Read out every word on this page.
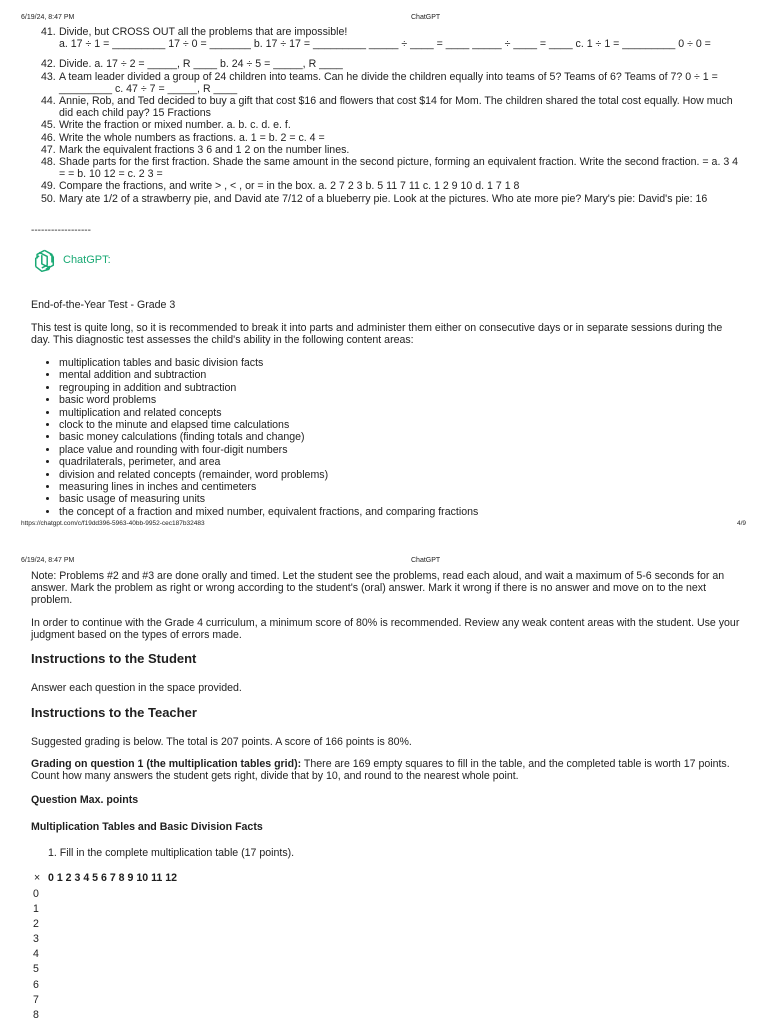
6/19/24, 8:47 PM	ChatGPT
41. Divide, but CROSS OUT all the problems that are impossible!
a. 17 ÷ 1 = _________ 17 ÷ 0 = _______ b. 17 ÷ 17 = _________ _____ ÷ ____ = ____ _____ ÷ ____ = ____ c. 1 ÷ 1 = _________ 0 ÷ 0 =
42. Divide. a. 17 ÷ 2 = _____, R ____ b. 24 ÷ 5 = _____, R ____
43. A team leader divided a group of 24 children into teams. Can he divide the children equally into teams of 5? Teams of 6? Teams of 7? 0 ÷ 1 = _________ c. 47 ÷ 7 = _____, R ____
44. Annie, Rob, and Ted decided to buy a gift that cost $16 and flowers that cost $14 for Mom. The children shared the total cost equally. How much did each child pay? 15 Fractions
45. Write the fraction or mixed number. a. b. c. d. e. f.
46. Write the whole numbers as fractions. a. 1 = b. 2 = c. 4 =
47. Mark the equivalent fractions 3 6 and 1 2 on the number lines.
48. Shade parts for the first fraction. Shade the same amount in the second picture, forming an equivalent fraction. Write the second fraction. = a. 3 4 = = b. 10 12 = c. 2 3 =
49. Compare the fractions, and write > , < , or = in the box. a. 2 7 2 3 b. 5 11 7 11 c. 1 2 9 10 d. 1 7 1 8
50. Mary ate 1/2 of a strawberry pie, and David ate 7/12 of a blueberry pie. Look at the pictures. Who ate more pie? Mary's pie: David's pie: 16
------------------
ChatGPT:
End-of-the-Year Test - Grade 3
This test is quite long, so it is recommended to break it into parts and administer them either on consecutive days or in separate sessions during the day. This diagnostic test assesses the child's ability in the following content areas:
• multiplication tables and basic division facts
• mental addition and subtraction
• regrouping in addition and subtraction
• basic word problems
• multiplication and related concepts
• clock to the minute and elapsed time calculations
• basic money calculations (finding totals and change)
• place value and rounding with four-digit numbers
• quadrilaterals, perimeter, and area
• division and related concepts (remainder, word problems)
• measuring lines in inches and centimeters
• basic usage of measuring units
• the concept of a fraction and mixed number, equivalent fractions, and comparing fractions
https://chatgpt.com/c/f19dd396-5963-40bb-9952-cec187b32483	4/9
6/19/24, 8:47 PM	ChatGPT
Note: Problems #2 and #3 are done orally and timed. Let the student see the problems, read each aloud, and wait a maximum of 5-6 seconds for an answer. Mark the problem as right or wrong according to the student's (oral) answer. Mark it wrong if there is no answer and move on to the next problem.
In order to continue with the Grade 4 curriculum, a minimum score of 80% is recommended. Review any weak content areas with the student. Use your judgment based on the types of errors made.
Instructions to the Student
Answer each question in the space provided.
Instructions to the Teacher
Suggested grading is below. The total is 207 points. A score of 166 points is 80%.
Grading on question 1 (the multiplication tables grid): There are 169 empty squares to fill in the table, and the completed table is worth 17 points. Count how many answers the student gets right, divide that by 10, and round to the nearest whole point.
Question Max. points
Multiplication Tables and Basic Division Facts
1. Fill in the complete multiplication table (17 points).
× 0 1 2 3 4 5 6 7 8 9 10 11 12
0
1
2
3
4
5
6
7
8
